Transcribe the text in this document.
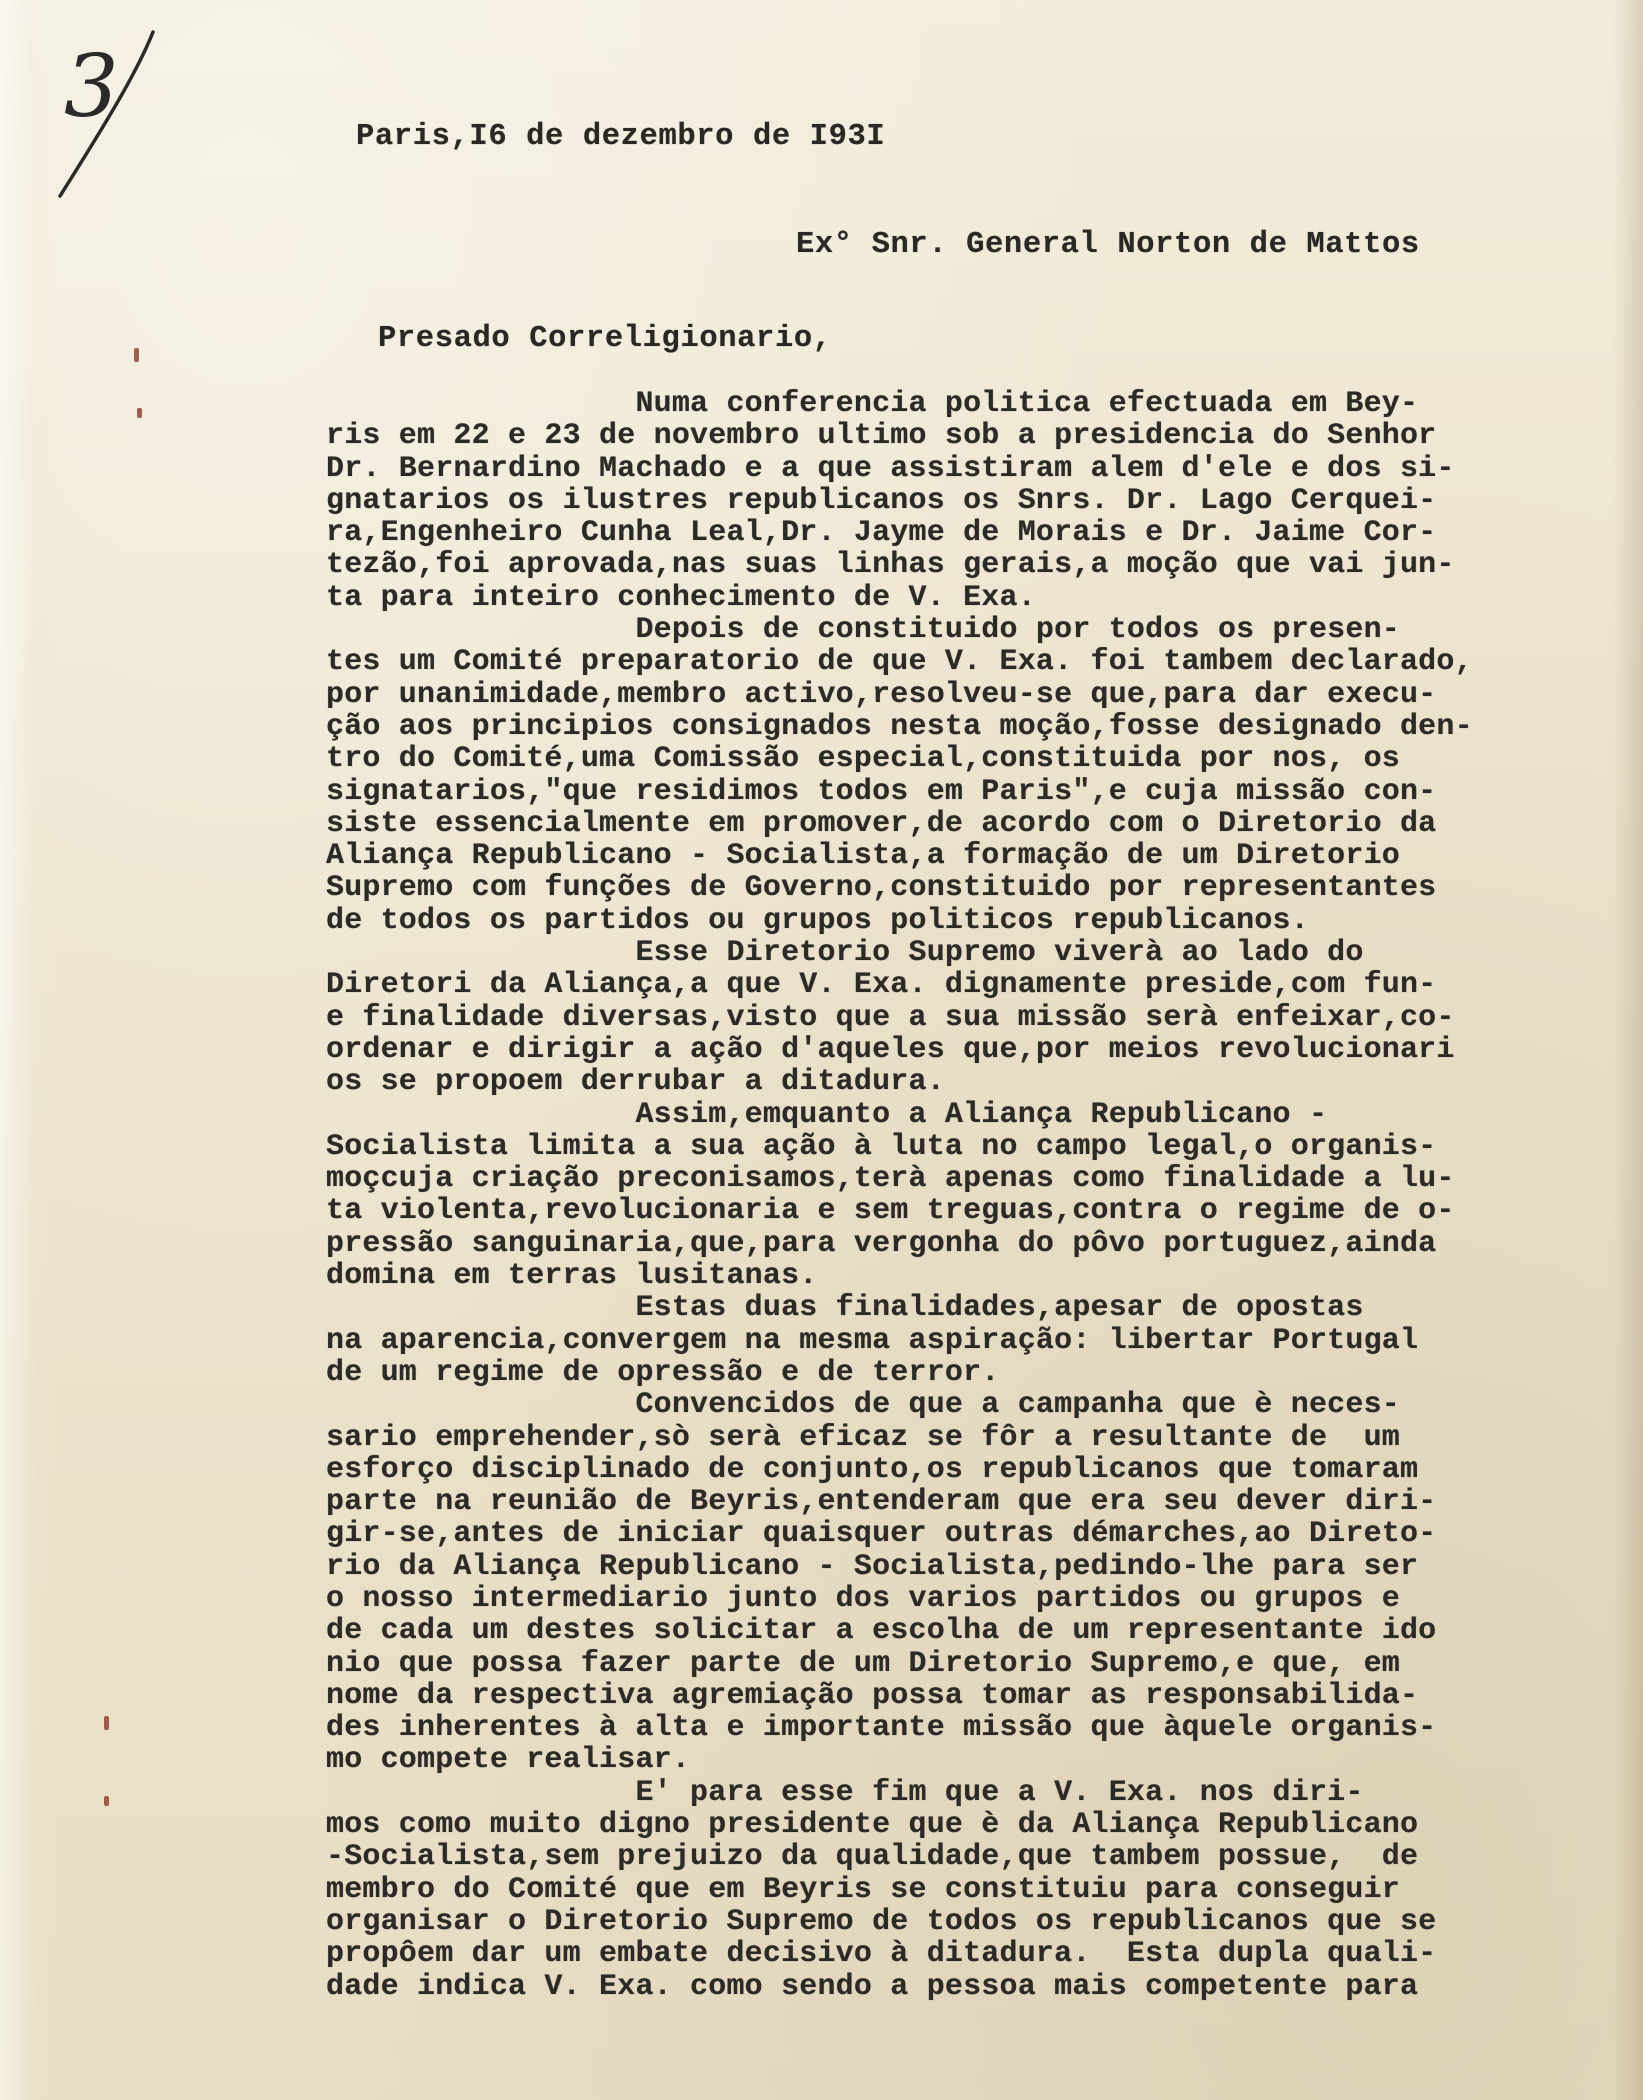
3	Paris,I6 de dezembro de I93I
Ex° Snr. General Norton de Mattos
Presado Correligionario,
Numa conferencia politica efectuada em Bey-
ris em 22 e 23 de novembro ultimo sob a presidencia do Senhor
Dr. Bernardino Machado e a que assistiram alem d'ele e dos si-
gnatarios os ilustres republicanos os Snrs. Dr. Lago Cerquei-
ra,Engenheiro Cunha Leal,Dr. Jayme de Morais e Dr. Jaime Cor-
tezão,foi aprovada,nas suas linhas gerais,a moção que vai jun-
ta para inteiro conhecimento de V. Exa.
Depois de constituido por todos os presen-
tes um Comité preparatorio de que V. Exa. foi tambem declarado,
por unanimidade,membro activo,resolveu-se que,para dar execu-
ção aos principios consignados nesta moção,fosse designado den-
tro do Comité,uma Comissão especial,constituida por nos, os
signatarios,"que residimos todos em Paris",e cuja missão con-
siste essencialmente em promover,de acordo com o Diretorio da
Aliança Republicano - Socialista,a formação de um Diretorio
Supremo com funções de Governo,constituido por representantes
de todos os partidos ou grupos politicos republicanos.
Esse Diretorio Supremo viverà ao lado do
Diretori da Aliança,a que V. Exa. dignamente preside,com fun-
e finalidade diversas,visto que a sua missão serà enfeixar,co-
ordenar e dirigir a ação d'aqueles que,por meios revolucionari
os se propoem derrubar a ditadura.
Assim,emquanto a Aliança Republicano -
Socialista limita a sua ação à luta no campo legal,o organis-
moçcuja criação preconisamos,terà apenas como finalidade a lu-
ta violenta,revolucionaria e sem treguas,contra o regime de o-
pressão sanguinaria,que,para vergonha do pôvo portuguez,ainda
domina em terras lusitanas.
Estas duas finalidades,apesar de opostas
na aparencia,convergem na mesma aspiração: libertar Portugal
de um regime de opressão e de terror.
Convencidos de que a campanha que è neces-
sario emprehender,sò serà eficaz se fôr a resultante de  um
esforço disciplinado de conjunto,os republicanos que tomaram
parte na reunião de Beyris,entenderam que era seu dever diri-
gir-se,antes de iniciar quaisquer outras démarches,ao Direto-
rio da Aliança Republicano - Socialista,pedindo-lhe para ser
o nosso intermediario junto dos varios partidos ou grupos e
de cada um destes solicitar a escolha de um representante ido
nio que possa fazer parte de um Diretorio Supremo,e que, em
nome da respectiva agremiação possa tomar as responsabilida-
des inherentes à alta e importante missão que àquele organis-
mo compete realisar.
E' para esse fim que a V. Exa. nos diri-
mos como muito digno presidente que è da Aliança Republicano
-Socialista,sem prejuizo da qualidade,que tambem possue,  de
membro do Comité que em Beyris se constituiu para conseguir
organisar o Diretorio Supremo de todos os republicanos que se
propôem dar um embate decisivo à ditadura.  Esta dupla quali-
dade indica V. Exa. como sendo a pessoa mais competente para
